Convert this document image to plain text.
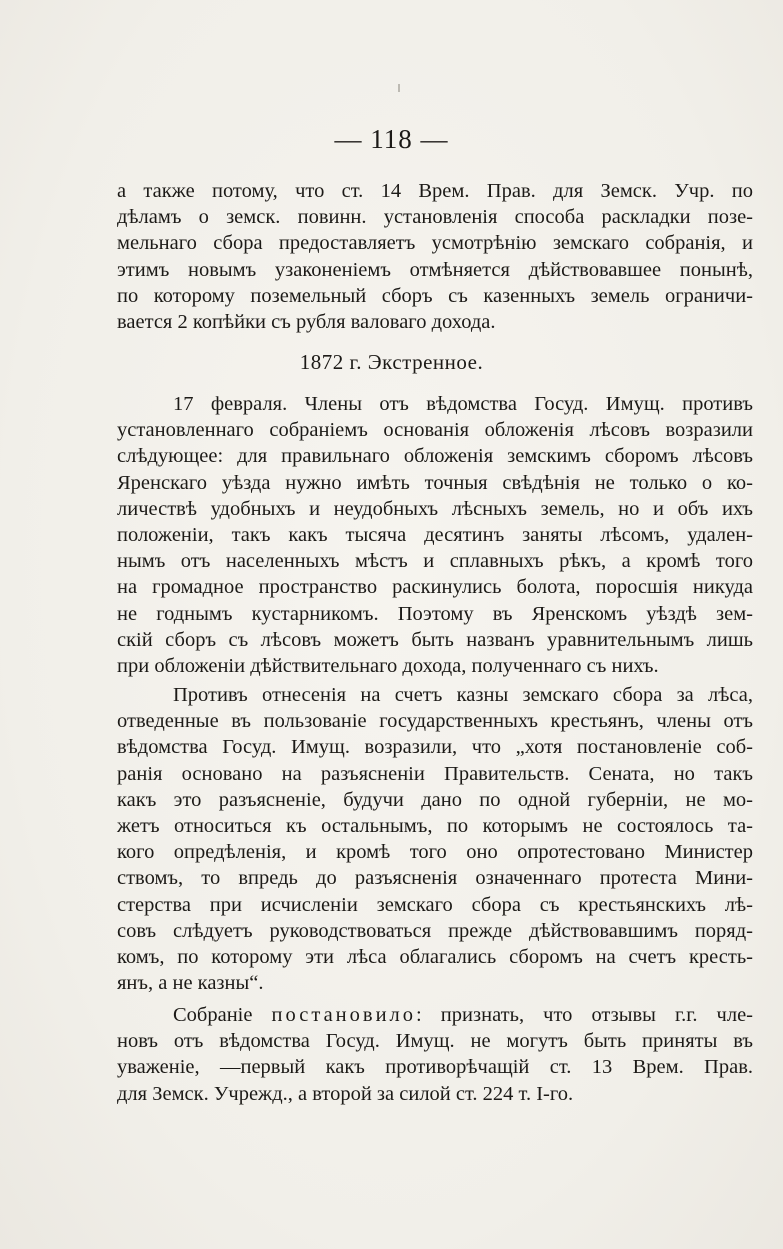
— 118 —
а также потому, что ст. 14 Врем. Прав. для Земск. Учр. по
дѣламъ о земск. повинн. установленія способа раскладки позе-
мельнаго сбора предоставляетъ усмотрѣнію земскаго собранія, и
этимъ новымъ узаконеніемъ отмѣняется дѣйствовавшее понынѣ,
по которому поземельный сборъ съ казенныхъ земель ограничи-
вается 2 копѣйки съ рубля валоваго дохода.
1872 г. Экстренное.
17 февраля. Члены отъ вѣдомства Госуд. Имущ. противъ
установленнаго собраніемъ основанія обложенія лѣсовъ возразили
слѣдующее: для правильнаго обложенія земскимъ сборомъ лѣсовъ
Яренскаго уѣзда нужно имѣть точныя свѣдѣнія не только о ко-
личествѣ удобныхъ и неудобныхъ лѣсныхъ земель, но и объ ихъ
положеніи, такъ какъ тысяча десятинъ заняты лѣсомъ, удален-
нымъ отъ населенныхъ мѣстъ и сплавныхъ рѣкъ, а кромѣ того
на громадное пространство раскинулись болота, поросшія никуда
не годнымъ кустарникомъ. Поэтому въ Яренскомъ уѣздѣ зем-
скій сборъ съ лѣсовъ можетъ быть названъ уравнительнымъ лишь
при обложеніи дѣйствительнаго дохода, полученнаго съ нихъ.
Противъ отнесенія на счетъ казны земскаго сбора за лѣса,
отведенные въ пользованіе государственныхъ крестьянъ, члены отъ
вѣдомства Госуд. Имущ. возразили, что „хотя постановленіе соб-
ранія основано на разъясненіи Правительств. Сената, но такъ
какъ это разъясненіе, будучи дано по одной губерніи, не мо-
жетъ относиться къ остальнымъ, по которымъ не состоялось та-
кого опредѣленія, и кромѣ того оно опротестовано Министер
ствомъ, то впредь до разъясненія означеннаго протеста Мини-
стерства при исчисленіи земскаго сбора съ крестьянскихъ лѣ-
совъ слѣдуетъ руководствоваться прежде дѣйствовавшимъ поряд-
комъ, по которому эти лѣса облагались сборомъ на счетъ кресть-
янъ, а не казны“.
Собраніе постановило: признать, что отзывы г.г. чле-
новъ отъ вѣдомства Госуд. Имущ. не могутъ быть приняты въ
уваженіе, —первый какъ противорѣчащій ст. 13 Врем. Прав.
для Земск. Учрежд., а второй за силой ст. 224 т. I-го.
